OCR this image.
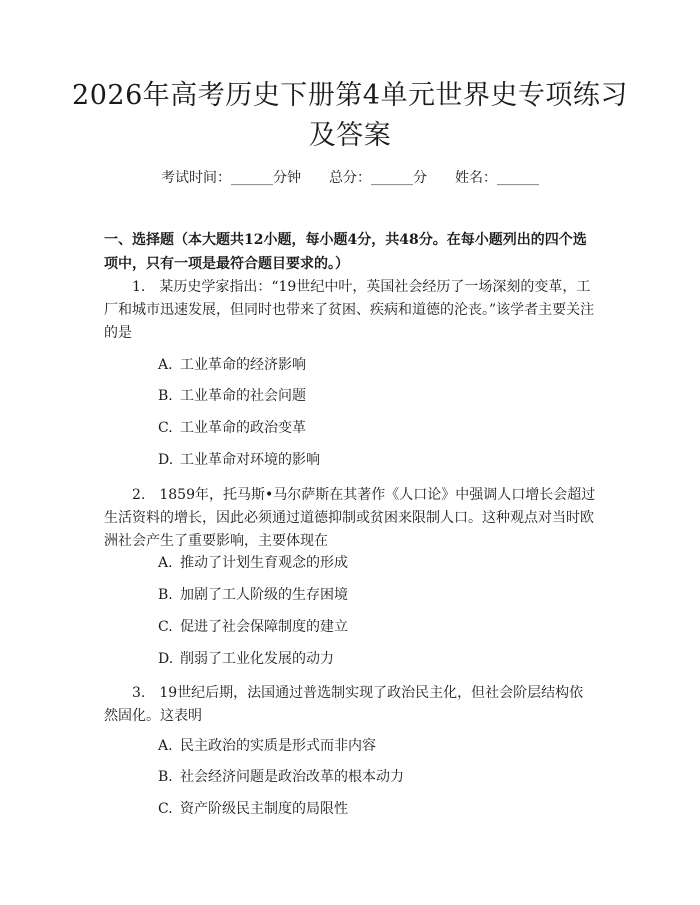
2026年高考历史下册第4单元世界史专项练习及答案
考试时间：______分钟 总分：______分 姓名：______

一、选择题（本大题共12小题，每小题4分，共48分。在每小题列出的四个选项中，只有一项是最符合题目要求的。）

1.　某历史学家指出：“19世纪中叶，英国社会经历了一场深刻的变革，工厂和城市迅速发展，但同时也带来了贫困、疾病和道德的沦丧。”该学者主要关注的是

A. 工业革命的经济影响
B. 工业革命的社会问题
C. 工业革命的政治变革
D. 工业革命对环境的影响

2.　1859年，托马斯•马尔萨斯在其著作《人口论》中强调人口增长会超过生活资料的增长，因此必须通过道德抑制或贫困来限制人口。这种观点对当时欧洲社会产生了重要影响，主要体现在

A. 推动了计划生育观念的形成
B. 加剧了工人阶级的生存困境
C. 促进了社会保障制度的建立
D. 削弱了工业化发展的动力

3.　19世纪后期，法国通过普选制实现了政治民主化，但社会阶层结构依然固化。这表明

A. 民主政治的实质是形式而非内容
B. 社会经济问题是政治改革的根本动力
C. 资产阶级民主制度的局限性
